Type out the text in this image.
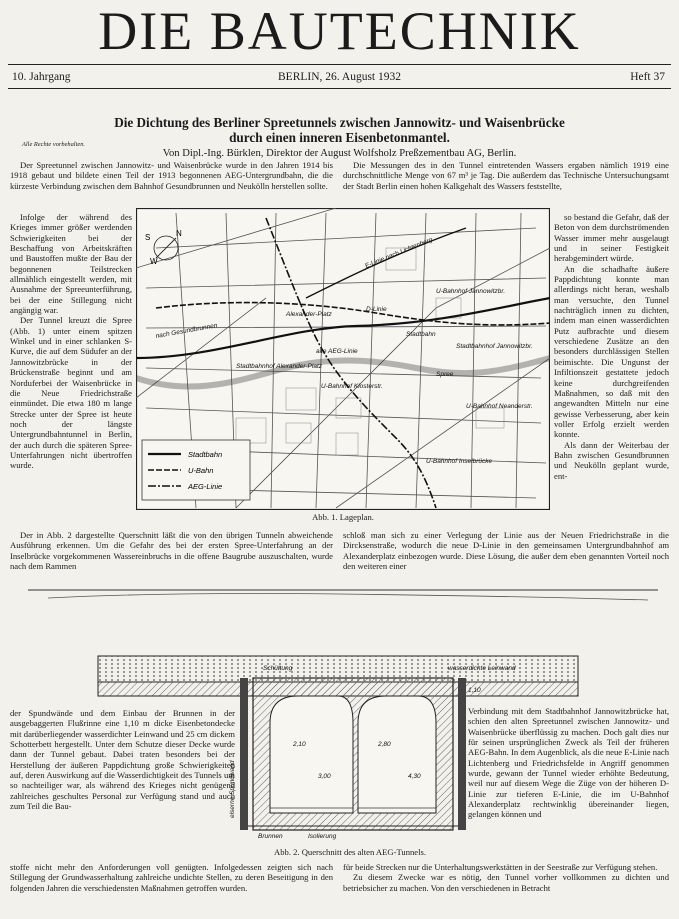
DIE BAUTECHNIK
10. Jahrgang	BERLIN, 26. August 1932	Heft 37
Die Dichtung des Berliner Spreetunnels zwischen Jannowitz- und Waisenbrücke
durch einen inneren Eisenbetonmantel.
Alle Rechte vorbehalten.
Von Dipl.-Ing. Bürklen, Direktor der August Wolfsholz Preßzementbau AG, Berlin.

Der Spreetunnel zwischen Jannowitz- und Waisenbrücke wurde in den Jahren 1914 bis 1918 gebaut und bildete einen Teil der 1913 begonnenen AEG-Untergrundbahn, die die kürzeste Verbindung zwischen dem Bahnhof Gesundbrunnen und Neukölln herstellen sollte.

Infolge der während des Krieges immer größer werdenden Schwierigkeiten bei der Beschaffung von Arbeitskräften und Baustoffen mußte der Bau der begonnenen Teilstrecken allmählich eingestellt werden, mit Ausnahme der Spreeunterführung, bei der eine Stillegung nicht angängig war.

Der Tunnel kreuzt die Spree (Abb. 1) unter einem spitzen Winkel und in einer schlanken S-Kurve, die auf dem Südufer an der Jannowitzbrücke in der Brückenstraße beginnt und am Norduferbei der Waisenbrücke in die Neue Friedrichstraße einmündet. Die etwa 180 m lange Strecke unter der Spree ist heute noch der längste Untergrundbahntunnel in Berlin, der auch durch die späteren Spree-Unterfahrungen nicht übertroffen wurde.

Die Messungen des in den Tunnel eintretenden Wassers ergaben nämlich 1919 eine durchschnittliche Menge von 67 m³ je Tag. Die außerdem das Technische Untersuchungsamt der Stadt Berlin einen hohen Kalkgehalt des Wassers feststellte,

so bestand die Gefahr, daß der Beton von dem durchströmenden Wasser immer mehr ausgelaugt und in seiner Festigkeit herabgemindert würde.

An die schadhafte äußere Pappdichtung konnte man allerdings nicht heran, weshalb man versuchte, den Tunnel nachträglich innen zu dichten, indem man einen wasserdichten Putz aufbrachte und diesem verschiedene Zusätze an den besonders durchlässigen Stellen beimischte. Die Ungunst der Infiltionszeit gestattete jedoch keine durchgreifenden Maßnahmen, so daß mit den angewandten Mitteln nur eine gewisse Verbesserung, aber kein voller Erfolg erzielt werden konnte.

Als dann der Weiterbau der Bahn zwischen Gesundbrunnen und Neukölln geplant wurde, ent-

N
S
W	E-Linie nach Lichtenberg
Alexander-Platz
D-Linie
alte AEG-Linie
Stadtbahn
Stadtbahnhof Alexander-Platz
U-Bahnhof Klosterstr.
Spree
U-Bahnhof Jannowitzbr.
U-Bahnhof Neanderstr.
U-Bahnhof Inselbrücke
nach Gesundbrunnen
Stadtbahnhof Jannowitzbr.
Stadtbahn
U-Bahn
AEG-Linie
Abb. 1. Lageplan.

Der in Abb. 2 dargestellte Querschnitt läßt die von den übrigen Tunneln abweichende Ausführung erkennen. Um die Gefahr des bei der ersten Spree-Unterfahrung an der Inselbrücke vorgekommenen Wassereinbruchs in die offene Baugrube auszuschalten, wurde nach dem Rammen

schloß man sich zu einer Verlegung der Linie aus der Neuen Friedrichstraße in die Dircksenstraße, wodurch die neue D-Linie in den gemeinsamen Untergrundbahnhof am Alexanderplatz einbezogen wurde. Diese Lösung, die außer dem eben genannten Vorteil noch den weiteren einer

Schüttung	wasserdichte Leinwand
Brunnen	Isolierung
eiserne Spundwand
2,10	2,80
4,30
3,00
1,10

der Spundwände und dem Einbau der Brunnen in der ausgebaggerten Flußrinne eine 1,10 m dicke Eisenbetondecke mit darüberliegender wasserdichter Leinwand und 25 cm dickem Schotterbett hergestellt. Unter dem Schutze dieser Decke wurde dann der Tunnel gebaut. Dabei traten besonders bei der Herstellung der äußeren Pappdichtung große Schwierigkeiten auf, deren Auswirkung auf die Wasserdichtigkeit des Tunnels um so nachteiliger war, als während des Krieges nicht genügend zahlreiches geschultes Personal zur Verfügung stand und auch zum Teil die Bau-

Verbindung mit dem Stadtbahnhof Jannowitzbrücke hat, schien den alten Spreetunnel zwischen Jannowitz- und Waisenbrücke überflüssig zu machen. Doch galt dies nur für seinen ursprünglichen Zweck als Teil der früheren AEG-Bahn. In dem Augenblick, als die neue E-Linie nach Lichtenberg und Friedrichsfelde in Angriff genommen wurde, gewann der Tunnel wieder erhöhte Bedeutung, weil nur auf diesem Wege die Züge von der höheren D-Linie zur tieferen E-Linie, die im U-Bahnhof Alexanderplatz rechtwinklig übereinander liegen, gelangen können und

Abb. 2. Querschnitt des alten AEG-Tunnels.

stoffe nicht mehr den Anforderungen voll genügten. Infolgedessen zeigten sich nach Stillegung der Grundwasserhaltung zahlreiche undichte Stellen, zu deren Beseitigung in den folgenden Jahren die verschiedensten Maßnahmen getroffen wurden.

für beide Strecken nur die Unterhaltungswerkstätten in der Seestraße zur Verfügung stehen.

Zu diesem Zwecke war es nötig, den Tunnel vorher vollkommen zu dichten und betriebsicher zu machen. Von den verschiedenen in Betracht
